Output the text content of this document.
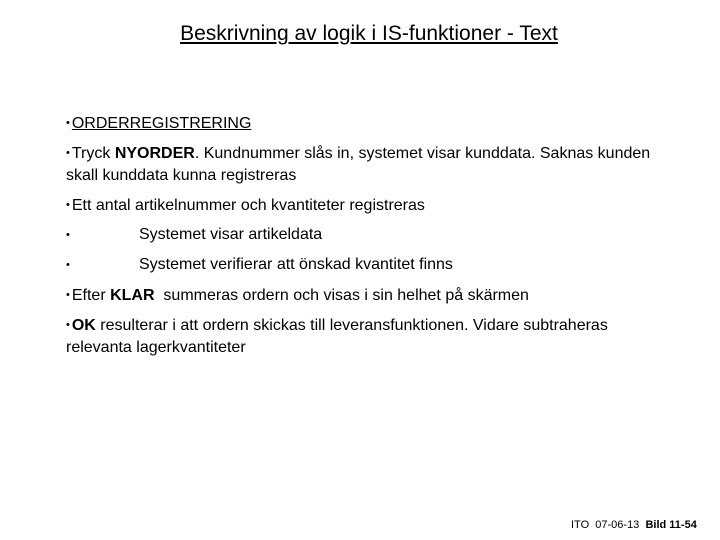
Beskrivning av logik i IS-funktioner - Text
• ORDERREGISTRERING
• Tryck NYORDER. Kundnummer slås in, systemet visar kunddata. Saknas kunden skall kunddata kunna registreras
• Ett antal artikelnummer och kvantiteter registreras
•	Systemet visar artikeldata
•	Systemet verifierar att önskad kvantitet finns
• Efter KLAR  summeras ordern och visas i sin helhet på skärmen
• OK resulterar i att ordern skickas till leveransfunktionen. Vidare subtraheras relevanta lagerkvantiteter
ITO 07-06-13 Bild 11-54
